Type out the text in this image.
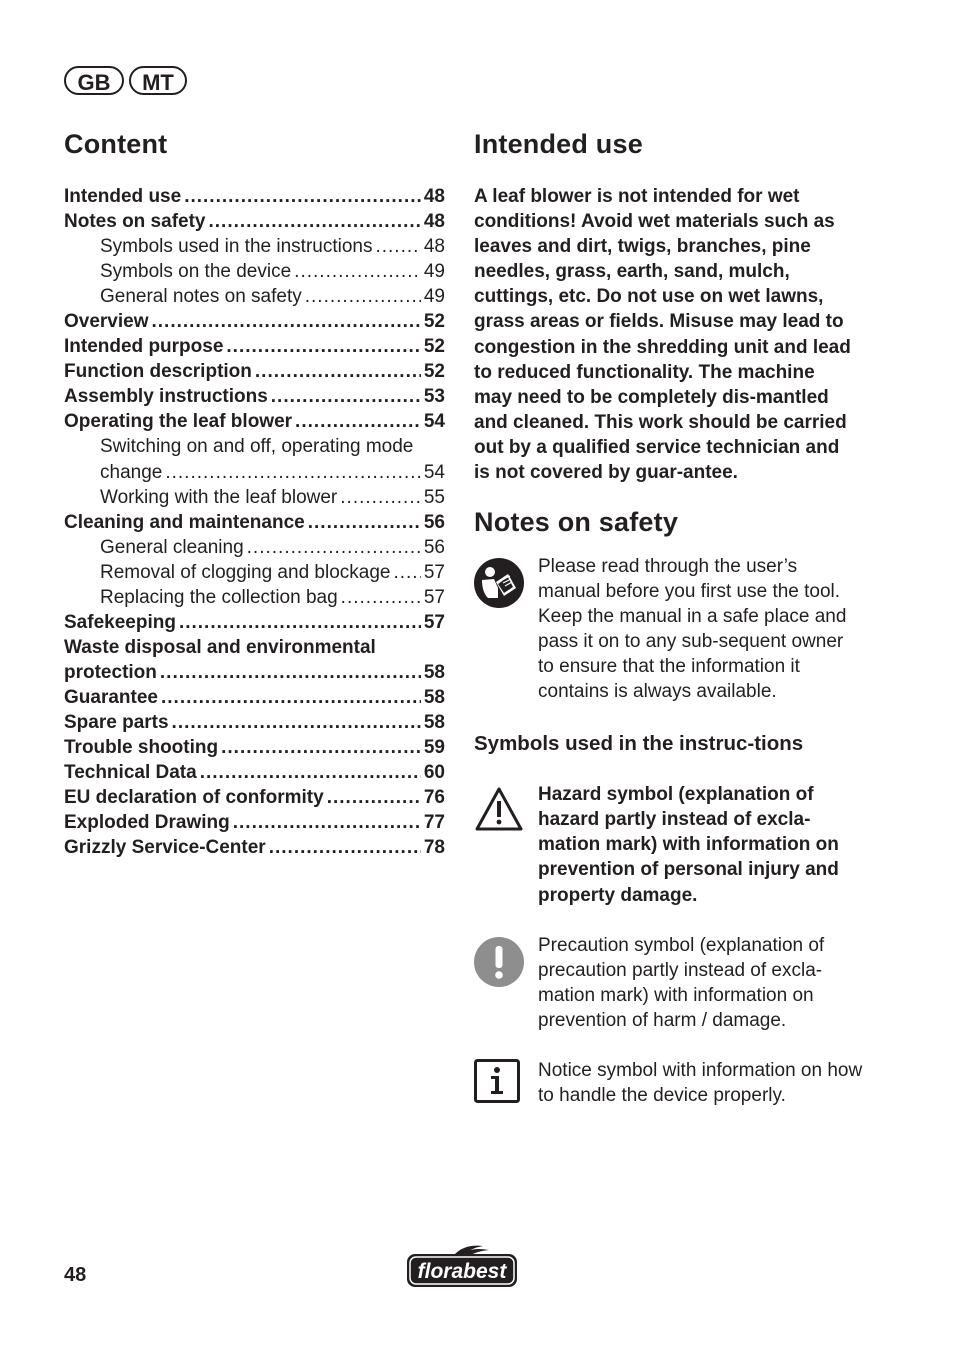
GB	MT
Content
Intended use .....	48
Notes on safety .....	48
Symbols used in the instructions .....	48
Symbols on the device .....	49
General notes on safety .....	49
Overview .....	52
Intended purpose .....	52
Function description .....	52
Assembly instructions .....	53
Operating the leaf blower .....	54
Switching on and off, operating mode
change .....	54
Working with the leaf blower .....	55
Cleaning and maintenance .....	56
General cleaning .....	56
Removal of clogging and blockage ..... 57
Replacing the collection bag .....	57
Safekeeping .....	57
Waste disposal and environmental
protection .....	58
Guarantee .....	58
Spare parts .....	58
Trouble shooting .....	59
Technical Data .....	60
EU declaration of conformity .....	76
Exploded Drawing .....	77
Grizzly Service-Center .....	78
Intended use

A leaf blower is not intended for wet conditions! Avoid wet materials such as leaves and dirt, twigs, branches, pine needles, grass, earth, sand, mulch, cuttings, etc. Do not use on wet lawns, grass areas or fields. Misuse may lead to congestion in the shredding unit and lead to reduced functionality. The machine may need to be completely dis-mantled and cleaned. This work should be carried out by a qualified service technician and is not covered by guar-antee.

Notes on safety

Please read through the user’s manual before you first use the tool. Keep the manual in a safe place and pass it on to any sub-sequent owner to ensure that the information it contains is always available.

Symbols used in the instruc-tions

Hazard symbol (explanation of hazard partly instead of excla-mation mark) with information on prevention of personal injury and property damage.

Precaution symbol (explanation of precaution partly instead of excla-mation mark) with information on prevention of harm / damage.

Notice symbol with information on how to handle the device properly.

48	florabest
